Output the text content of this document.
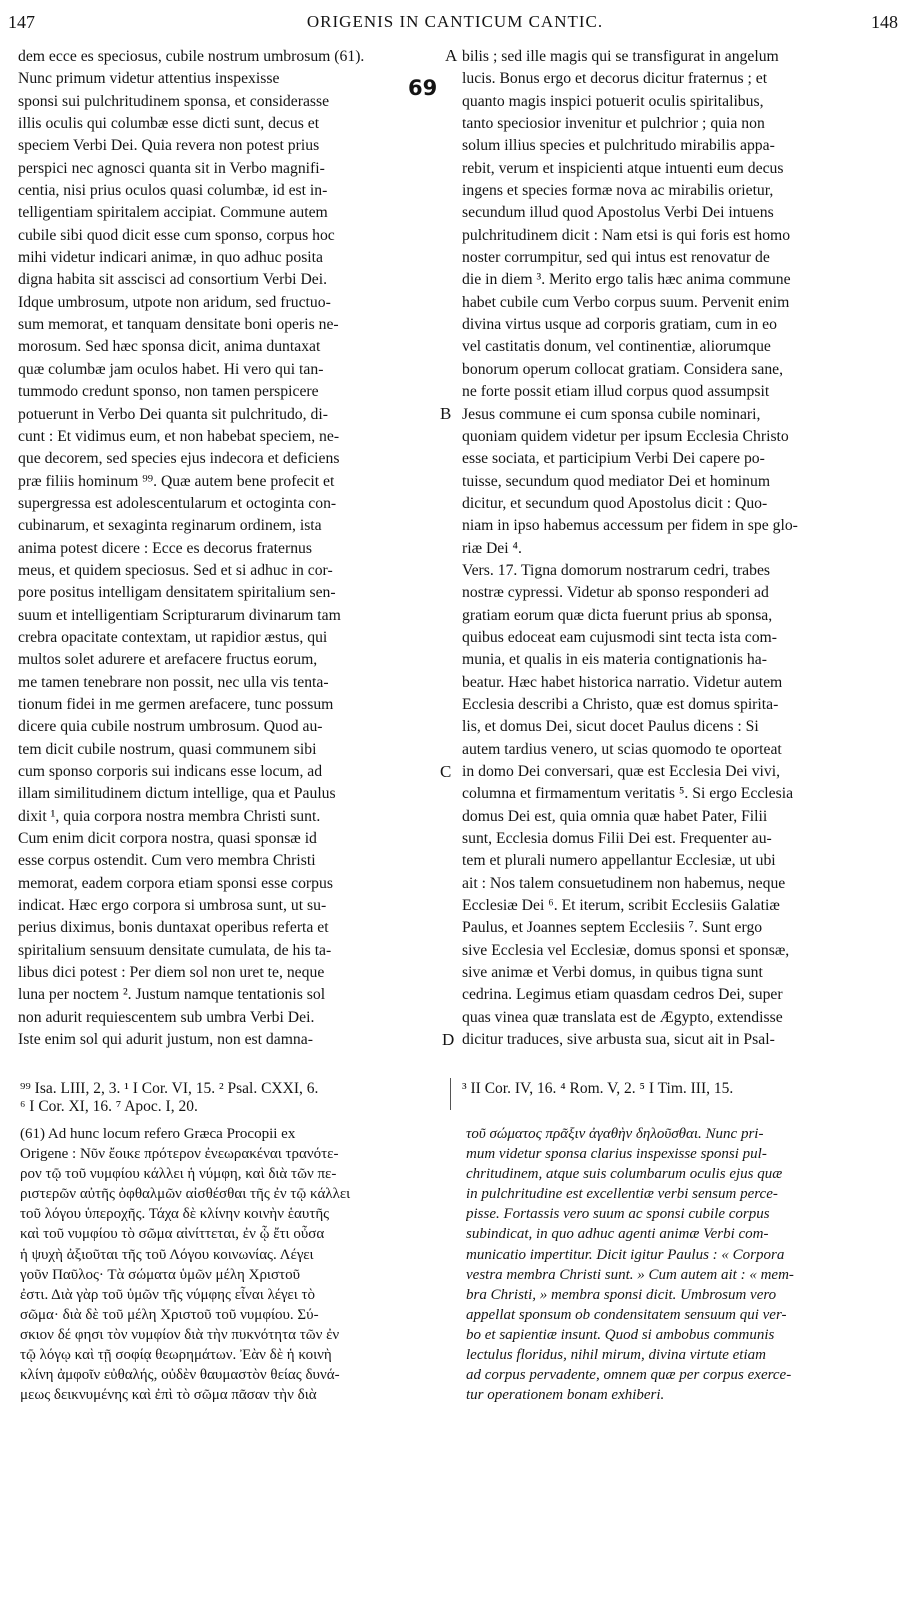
147	ORIGENIS IN CANTICUM CANTIC.	148
69
dem ecce es speciosus, cubile nostrum umbrosum (61).
Nunc primum videtur attentius inspexisse
sponsi sui pulchritudinem sponsa, et considerasse
illis oculis qui columbæ esse dicti sunt, decus et
speciem Verbi Dei. Quia revera non potest prius
perspici nec agnosci quanta sit in Verbo magnifi-
centia, nisi prius oculos quasi columbæ, id est in-
telligentiam spiritalem accipiat. Commune autem
cubile sibi quod dicit esse cum sponso, corpus hoc
mihi videtur indicari animæ, in quo adhuc posita
digna habita sit asscisci ad consortium Verbi Dei.
Idque umbrosum, utpote non aridum, sed fructuo-
sum memorat, et tanquam densitate boni operis ne-
morosum. Sed hæc sponsa dicit, anima duntaxat
quæ columbæ jam oculos habet. Hi vero qui tan-
tummodo credunt sponso, non tamen perspicere
potuerunt in Verbo Dei quanta sit pulchritudo, di-
cunt : Et vidimus eum, et non habebat speciem, ne-
que decorem, sed species ejus indecora et deficiens
præ filiis hominum ⁹⁹. Quæ autem bene profecit et
supergressa est adolescentularum et octoginta con-
cubinarum, et sexaginta reginarum ordinem, ista
anima potest dicere : Ecce es decorus fraternus
meus, et quidem speciosus. Sed et si adhuc in cor-
pore positus intelligam densitatem spiritalium sen-
suum et intelligentiam Scripturarum divinarum tam
crebra opacitate contextam, ut rapidior æstus, qui
multos solet adurere et arefacere fructus eorum,
me tamen tenebrare non possit, nec ulla vis tenta-
tionum fidei in me germen arefacere, tunc possum
dicere quia cubile nostrum umbrosum. Quod au-
tem dicit cubile nostrum, quasi communem sibi
cum sponso corporis sui indicans esse locum, ad
illam similitudinem dictum intellige, qua et Paulus
dixit ¹, quia corpora nostra membra Christi sunt.
Cum enim dicit corpora nostra, quasi sponsæ id
esse corpus ostendit. Cum vero membra Christi
memorat, eadem corpora etiam sponsi esse corpus
indicat. Hæc ergo corpora si umbrosa sunt, ut su-
perius diximus, bonis duntaxat operibus referta et
spiritalium sensuum densitate cumulata, de his ta-
libus dici potest : Per diem sol non uret te, neque
luna per noctem ². Justum namque tentationis sol
non adurit requiescentem sub umbra Verbi Dei.
Iste enim sol qui adurit justum, non est damna-
A
B
C
D
bilis ; sed ille magis qui se transfigurat in angelum
lucis. Bonus ergo et decorus dicitur fraternus ; et
quanto magis inspici potuerit oculis spiritalibus,
tanto speciosior invenitur et pulchrior ; quia non
solum illius species et pulchritudo mirabilis appa-
rebit, verum et inspicienti atque intuenti eum decus
ingens et species formæ nova ac mirabilis orietur,
secundum illud quod Apostolus Verbi Dei intuens
pulchritudinem dicit : Nam etsi is qui foris est homo
noster corrumpitur, sed qui intus est renovatur de
die in diem ³. Merito ergo talis hæc anima commune
habet cubile cum Verbo corpus suum. Pervenit enim
divina virtus usque ad corporis gratiam, cum in eo
vel castitatis donum, vel continentiæ, aliorumque
bonorum operum collocat gratiam. Considera sane,
ne forte possit etiam illud corpus quod assumpsit
Jesus commune ei cum sponsa cubile nominari,
quoniam quidem videtur per ipsum Ecclesia Christo
esse sociata, et participium Verbi Dei capere po-
tuisse, secundum quod mediator Dei et hominum
dicitur, et secundum quod Apostolus dicit : Quo-
niam in ipso habemus accessum per fidem in spe glo-
riæ Dei ⁴.
Vers. 17. Tigna domorum nostrarum cedri, trabes
nostræ cypressi. Videtur ab sponso responderi ad
gratiam eorum quæ dicta fuerunt prius ab sponsa,
quibus edoceat eam cujusmodi sint tecta ista com-
munia, et qualis in eis materia contignationis ha-
beatur. Hæc habet historica narratio. Videtur autem
Ecclesia describi a Christo, quæ est domus spirita-
lis, et domus Dei, sicut docet Paulus dicens : Si
autem tardius venero, ut scias quomodo te oporteat
in domo Dei conversari, quæ est Ecclesia Dei vivi,
columna et firmamentum veritatis ⁵. Si ergo Ecclesia
domus Dei est, quia omnia quæ habet Pater, Filii
sunt, Ecclesia domus Filii Dei est. Frequenter au-
tem et plurali numero appellantur Ecclesiæ, ut ubi
ait : Nos talem consuetudinem non habemus, neque
Ecclesiæ Dei ⁶. Et iterum, scribit Ecclesiis Galatiæ
Paulus, et Joannes septem Ecclesiis ⁷. Sunt ergo
sive Ecclesia vel Ecclesiæ, domus sponsi et sponsæ,
sive animæ et Verbi domus, in quibus tigna sunt
cedrina. Legimus etiam quasdam cedros Dei, super
quas vinea quæ translata est de Ægypto, extendisse
dicitur traduces, sive arbusta sua, sicut ait in Psal-
⁹⁹ Isa. LIII, 2, 3. ¹ I Cor. VI, 15. ² Psal. CXXI, 6.	³ II Cor. IV, 16. ⁴ Rom. V, 2. ⁵ I Tim. III, 15.
⁶ I Cor. XI, 16. ⁷ Apoc. I, 20.
(61) Ad hunc locum refero Græca Procopii ex
Origene : Νῦν ἔοικε πρότερον ἐνεωρακέναι τρανότε-
ρον τῷ τοῦ νυμφίου κάλλει ἡ νύμφη, καὶ διὰ τῶν πε-
ριστερῶν αὐτῆς ὀφθαλμῶν αἰσθέσθαι τῆς ἐν τῷ κάλλει
τοῦ λόγου ὑπεροχῆς. Τάχα δὲ κλίνην κοινὴν ἑαυτῆς
καὶ τοῦ νυμφίου τὸ σῶμα αἰνίττεται, ἐν ᾧ ἔτι οὖσα
ἡ ψυχὴ ἀξιοῦται τῆς τοῦ Λόγου κοινωνίας. Λέγει
γοῦν Παῦλος· Τὰ σώματα ὑμῶν μέλη Χριστοῦ
ἐστι. Διὰ γὰρ τοῦ ὑμῶν τῆς νύμφης εἶναι λέγει τὸ
σῶμα· διὰ δὲ τοῦ μέλη Χριστοῦ τοῦ νυμφίου. Σύ-
σκιον δέ φησι τὸν νυμφίον διὰ τὴν πυκνότητα τῶν ἐν
τῷ λόγῳ καὶ τῇ σοφίᾳ θεωρημάτων. Ἐὰν δὲ ἡ κοινὴ
κλίνη ἀμφοῖν εὐθαλής, οὐδὲν θαυμαστὸν θείας δυνά-
μεως δεικνυμένης καὶ ἐπὶ τὸ σῶμα πᾶσαν τὴν διὰ
τοῦ σώματος πρᾶξιν ἀγαθὴν δηλοῦσθαι. Nunc pri-
mum videtur sponsa clarius inspexisse sponsi pul-
chritudinem, atque suis columbarum oculis ejus quæ
in pulchritudine est excellentiæ verbi sensum perce-
pisse. Fortassis vero suum ac sponsi cubile corpus
subindicat, in quo adhuc agenti animæ Verbi com-
municatio impertitur. Dicit igitur Paulus : « Corpora
vestra membra Christi sunt. » Cum autem ait : « mem-
bra Christi, » membra sponsi dicit. Umbrosum vero
appellat sponsum ob condensitatem sensuum qui ver-
bo et sapientiæ insunt. Quod si ambobus communis
lectulus floridus, nihil mirum, divina virtute etiam
ad corpus pervadente, omnem quæ per corpus exerce-
tur operationem bonam exhiberi.
